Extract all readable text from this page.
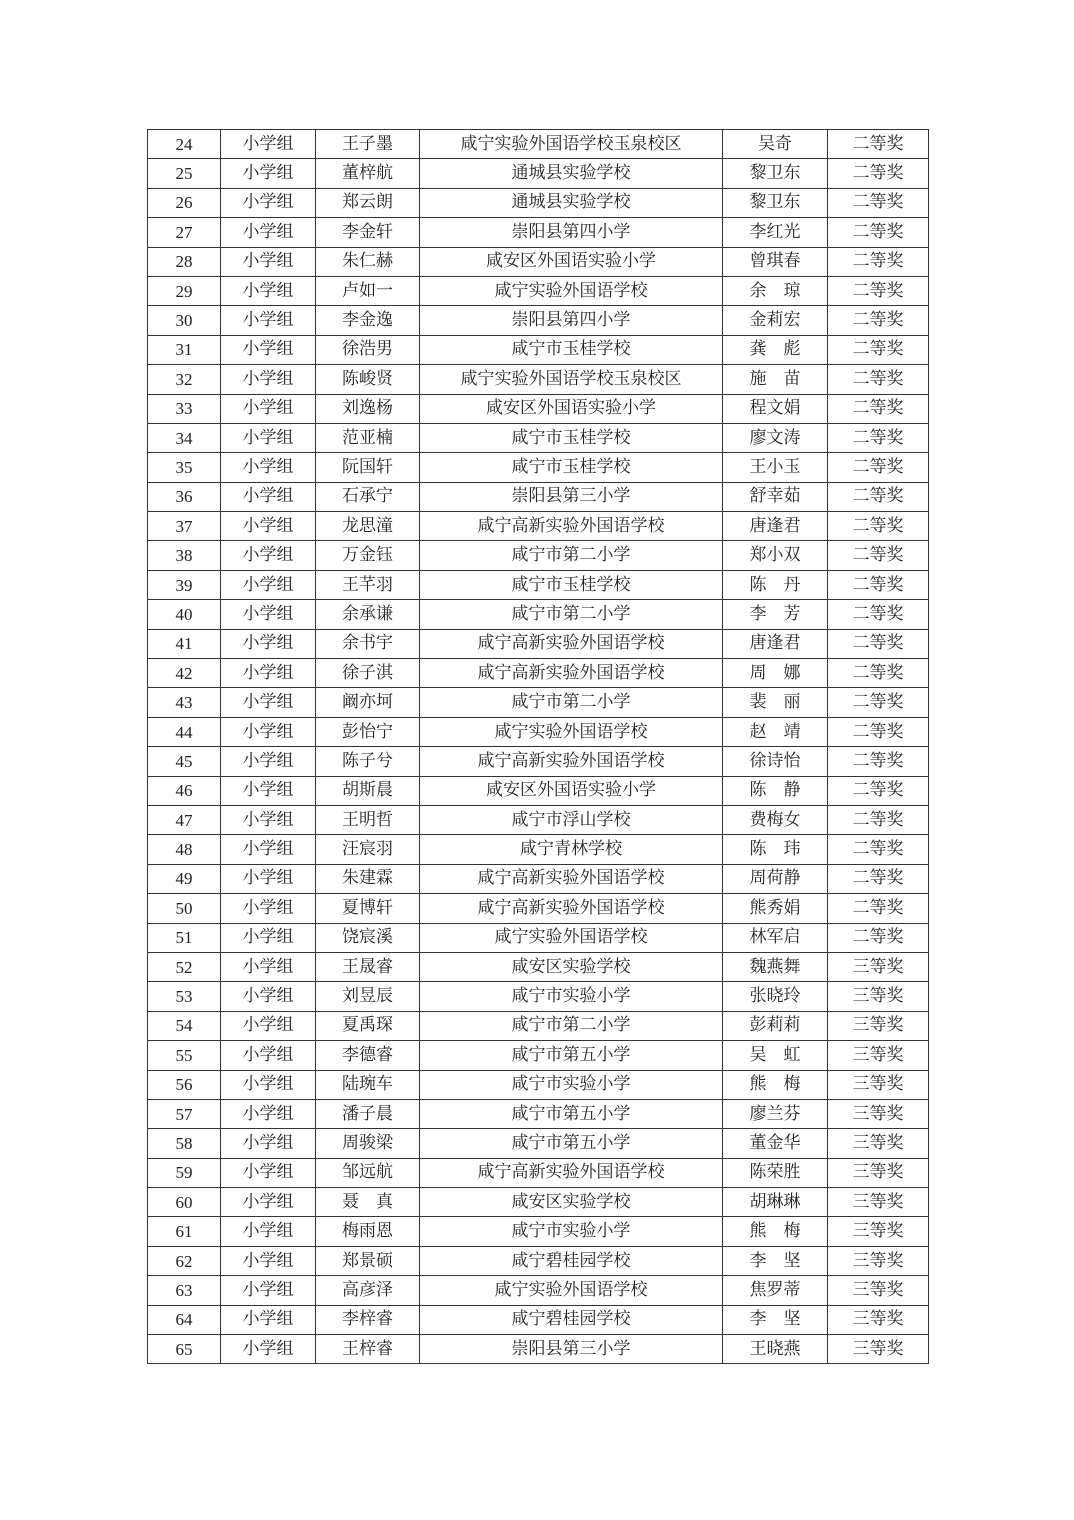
24	小学组	王子墨	咸宁实验外国语学校玉泉校区	吴奇	二等奖
25	小学组	董梓航	通城县实验学校	黎卫东	二等奖
26	小学组	郑云朗	通城县实验学校	黎卫东	二等奖
27	小学组	李金轩	崇阳县第四小学	李红光	二等奖
28	小学组	朱仁赫	咸安区外国语实验小学	曾琪春	二等奖
29	小学组	卢如一	咸宁实验外国语学校	余　琼	二等奖
30	小学组	李金逸	崇阳县第四小学	金莉宏	二等奖
31	小学组	徐浩男	咸宁市玉桂学校	龚　彪	二等奖
32	小学组	陈峻贤	咸宁实验外国语学校玉泉校区	施　苗	二等奖
33	小学组	刘逸杨	咸安区外国语实验小学	程文娟	二等奖
34	小学组	范亚楠	咸宁市玉桂学校	廖文涛	二等奖
35	小学组	阮国轩	咸宁市玉桂学校	王小玉	二等奖
36	小学组	石承宁	崇阳县第三小学	舒幸茹	二等奖
37	小学组	龙思潼	咸宁高新实验外国语学校	唐逢君	二等奖
38	小学组	万金钰	咸宁市第二小学	郑小双	二等奖
39	小学组	王芊羽	咸宁市玉桂学校	陈　丹	二等奖
40	小学组	余承谦	咸宁市第二小学	李　芳	二等奖
41	小学组	余书宇	咸宁高新实验外国语学校	唐逢君	二等奖
42	小学组	徐子淇	咸宁高新实验外国语学校	周　娜	二等奖
43	小学组	阚亦坷	咸宁市第二小学	裴　丽	二等奖
44	小学组	彭怡宁	咸宁实验外国语学校	赵　靖	二等奖
45	小学组	陈子兮	咸宁高新实验外国语学校	徐诗怡	二等奖
46	小学组	胡斯晨	咸安区外国语实验小学	陈　静	二等奖
47	小学组	王明哲	咸宁市浮山学校	费梅女	二等奖
48	小学组	汪宸羽	咸宁青林学校	陈　玮	二等奖
49	小学组	朱建霖	咸宁高新实验外国语学校	周荷静	二等奖
50	小学组	夏博轩	咸宁高新实验外国语学校	熊秀娟	二等奖
51	小学组	饶宸溪	咸宁实验外国语学校	林军启	二等奖
52	小学组	王晟睿	咸安区实验学校	魏燕舞	三等奖
53	小学组	刘昱辰	咸宁市实验小学	张晓玲	三等奖
54	小学组	夏禹琛	咸宁市第二小学	彭莉莉	三等奖
55	小学组	李德睿	咸宁市第五小学	吴　虹	三等奖
56	小学组	陆琬车	咸宁市实验小学	熊　梅	三等奖
57	小学组	潘子晨	咸宁市第五小学	廖兰芬	三等奖
58	小学组	周骏梁	咸宁市第五小学	董金华	三等奖
59	小学组	邹远航	咸宁高新实验外国语学校	陈荣胜	三等奖
60	小学组	聂　真	咸安区实验学校	胡琳琳	三等奖
61	小学组	梅雨恩	咸宁市实验小学	熊　梅	三等奖
62	小学组	郑景硕	咸宁碧桂园学校	李　坚	三等奖
63	小学组	高彦泽	咸宁实验外国语学校	焦罗蒂	三等奖
64	小学组	李梓睿	咸宁碧桂园学校	李　坚	三等奖
65	小学组	王梓睿	崇阳县第三小学	王晓燕	三等奖
